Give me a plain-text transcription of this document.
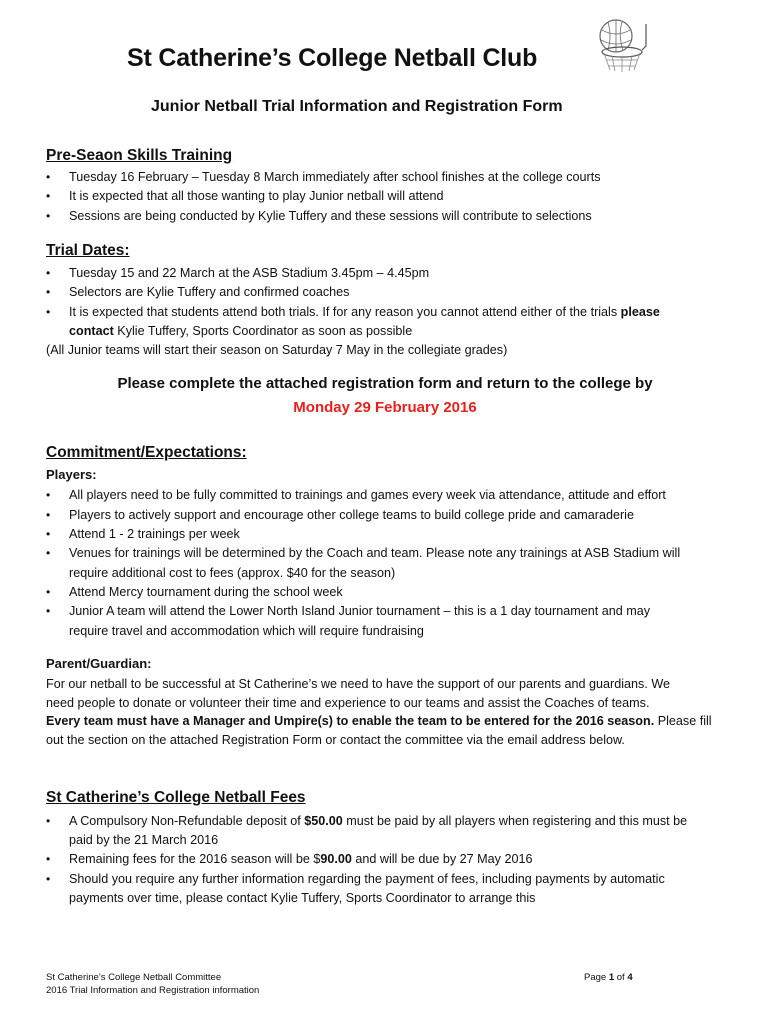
St Catherine’s College Netball Club
Junior Netball Trial Information and Registration Form
Pre-Seaon Skills Training
• Tuesday 16 February – Tuesday 8 March immediately after school finishes at the college courts
• It is expected that all those wanting to play Junior netball will attend
• Sessions are being conducted by Kylie Tuffery and these sessions will contribute to selections
Trial Dates:
• Tuesday 15 and 22 March at the ASB Stadium 3.45pm – 4.45pm
• Selectors are Kylie Tuffery and confirmed coaches
• It is expected that students attend both trials. If for any reason you cannot attend either of the trials please
contact Kylie Tuffery, Sports Coordinator as soon as possible
(All Junior teams will start their season on Saturday 7 May in the collegiate grades)
Please complete the attached registration form and return to the college by
Monday 29 February 2016
Commitment/Expectations:
Players:
• All players need to be fully committed to trainings and games every week via attendance, attitude and effort
• Players to actively support and encourage other college teams to build college pride and camaraderie
• Attend 1 - 2 trainings per week
• Venues for trainings will be determined by the Coach and team. Please note any trainings at ASB Stadium will
require additional cost to fees (approx. $40 for the season)
• Attend Mercy tournament during the school week
• Junior A team will attend the Lower North Island Junior tournament – this is a 1 day tournament and may
require travel and accommodation which will require fundraising
Parent/Guardian:
For our netball to be successful at St Catherine’s we need to have the support of our parents and guardians. We
need people to donate or volunteer their time and experience to our teams and assist the Coaches of teams.
Every team must have a Manager and Umpire(s) to enable the team to be entered for the 2016 season. Please fill
out the section on the attached Registration Form or contact the committee via the email address below.
St Catherine’s College Netball Fees
• A Compulsory Non-Refundable deposit of $50.00 must be paid by all players when registering and this must be
paid by the 21 March 2016
• Remaining fees for the 2016 season will be $90.00 and will be due by 27 May 2016
• Should you require any further information regarding the payment of fees, including payments by automatic
payments over time, please contact Kylie Tuffery, Sports Coordinator to arrange this
St Catherine’s College Netball Committee
2016 Trial Information and Registration information
Page 1 of 4
